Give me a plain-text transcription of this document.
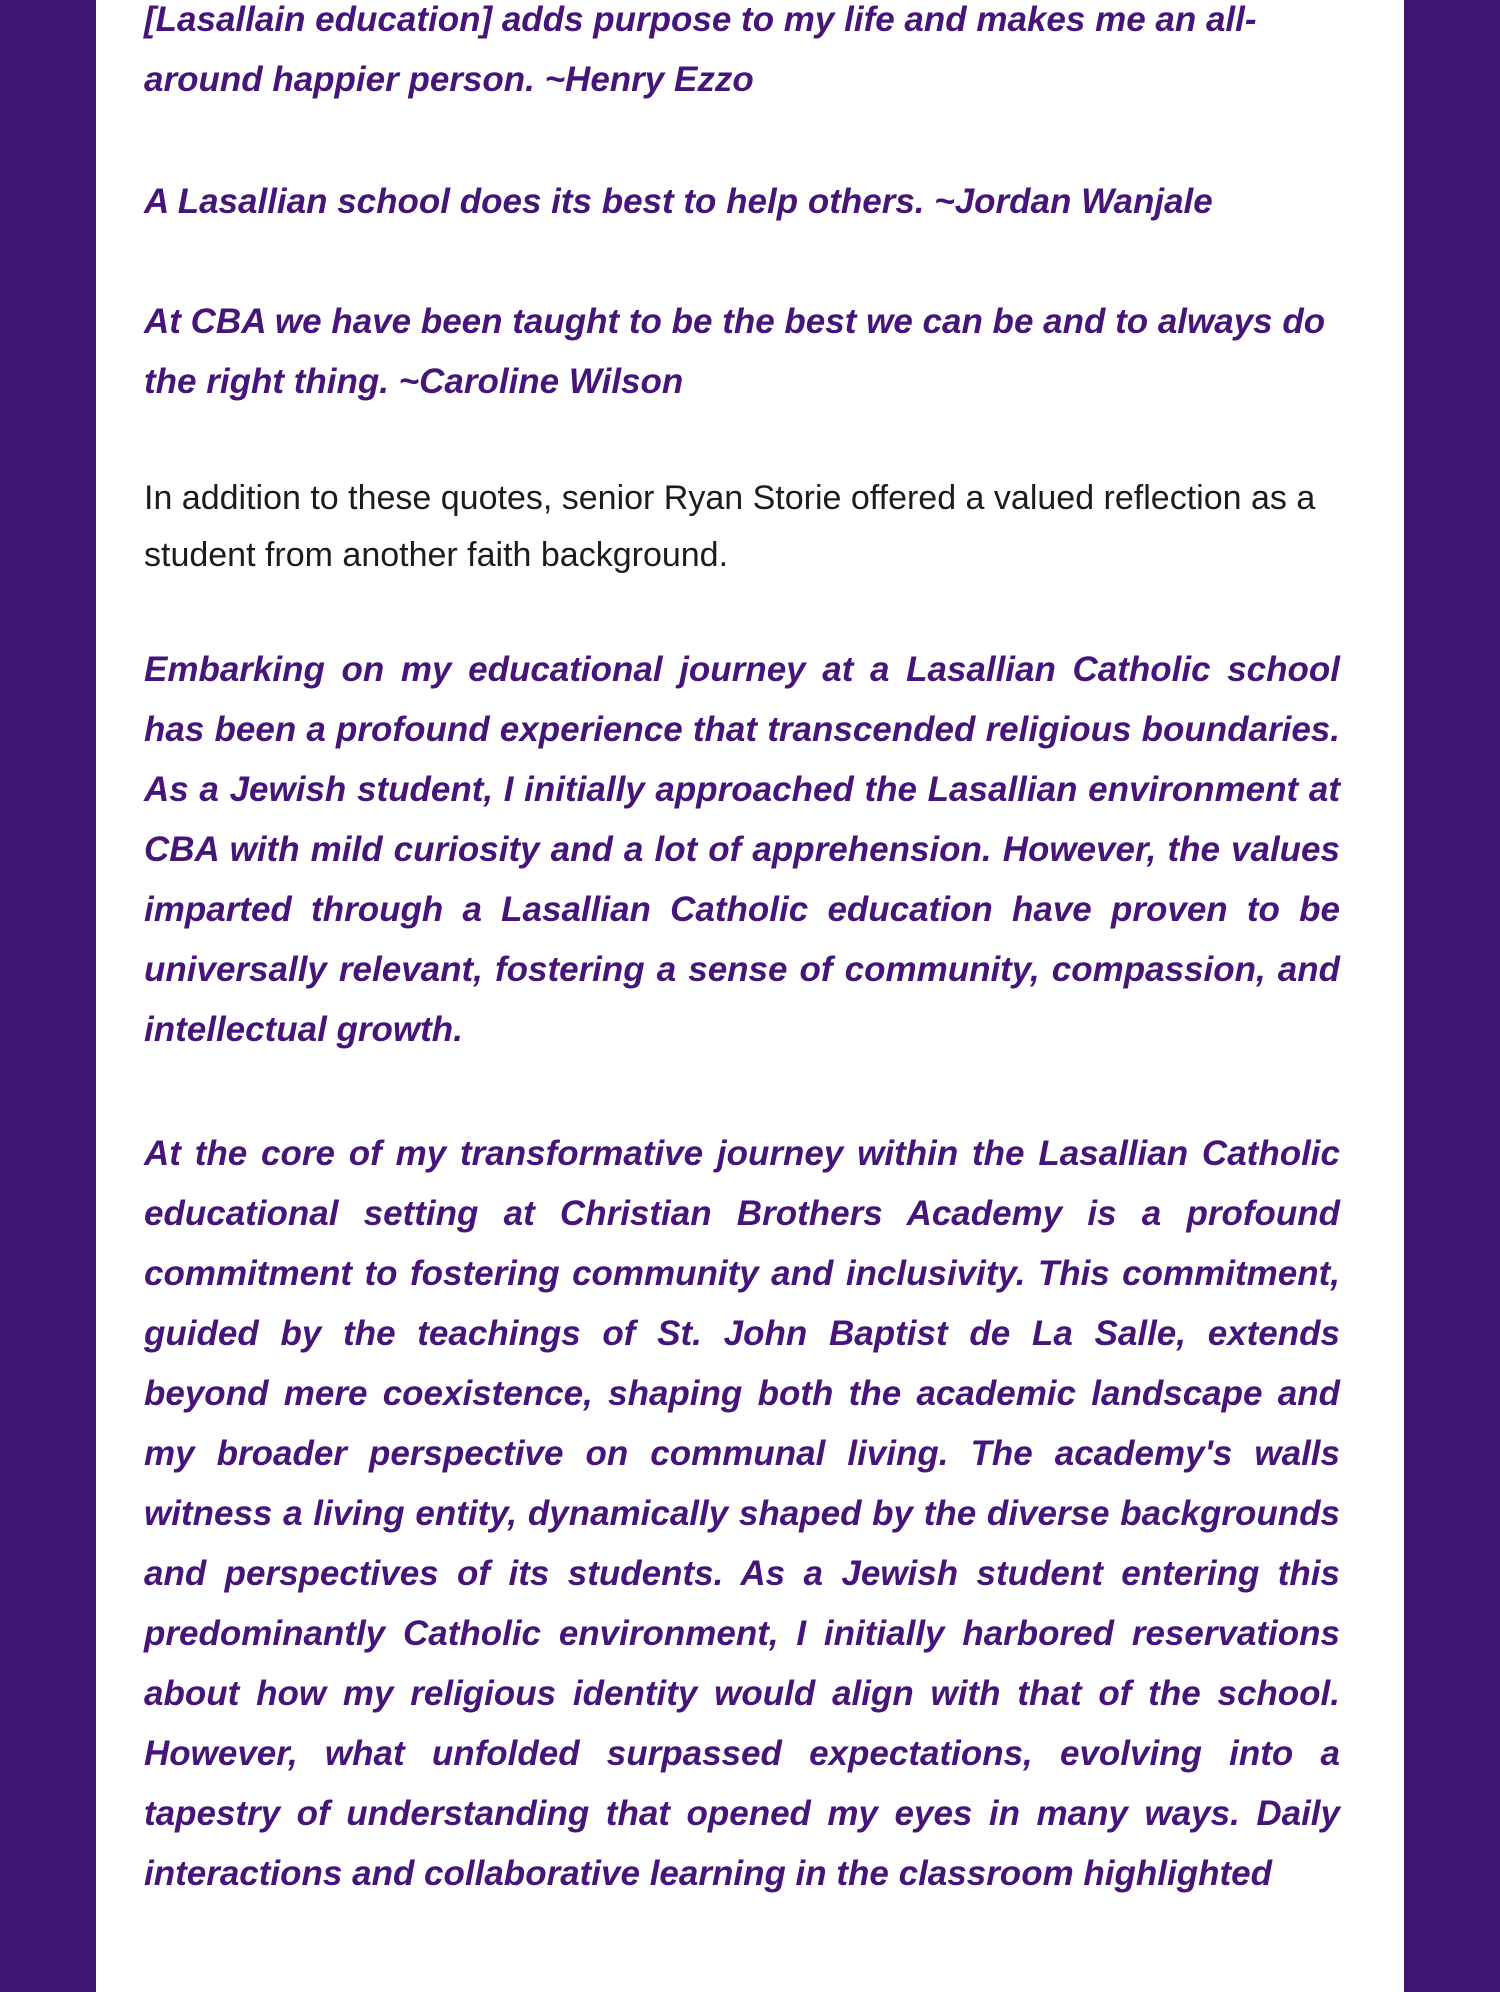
[Lasallain education] adds purpose to my life and makes me an all-around happier person. ~Henry Ezzo

A Lasallian school does its best to help others. ~Jordan Wanjale

At CBA we have been taught to be the best we can be and to always do the right thing. ~Caroline Wilson

In addition to these quotes, senior Ryan Storie offered a valued reflection as a student from another faith background.

Embarking on my educational journey at a Lasallian Catholic school has been a profound experience that transcended religious boundaries. As a Jewish student, I initially approached the Lasallian environment at CBA with mild curiosity and a lot of apprehension. However, the values imparted through a Lasallian Catholic education have proven to be universally relevant, fostering a sense of community, compassion, and intellectual growth.

At the core of my transformative journey within the Lasallian Catholic educational setting at Christian Brothers Academy is a profound commitment to fostering community and inclusivity. This commitment, guided by the teachings of St. John Baptist de La Salle, extends beyond mere coexistence, shaping both the academic landscape and my broader perspective on communal living. The academy's walls witness a living entity, dynamically shaped by the diverse backgrounds and perspectives of its students. As a Jewish student entering this predominantly Catholic environment, I initially harbored reservations about how my religious identity would align with that of the school. However, what unfolded surpassed expectations, evolving into a tapestry of understanding that opened my eyes in many ways. Daily interactions and collaborative learning in the classroom highlighted
